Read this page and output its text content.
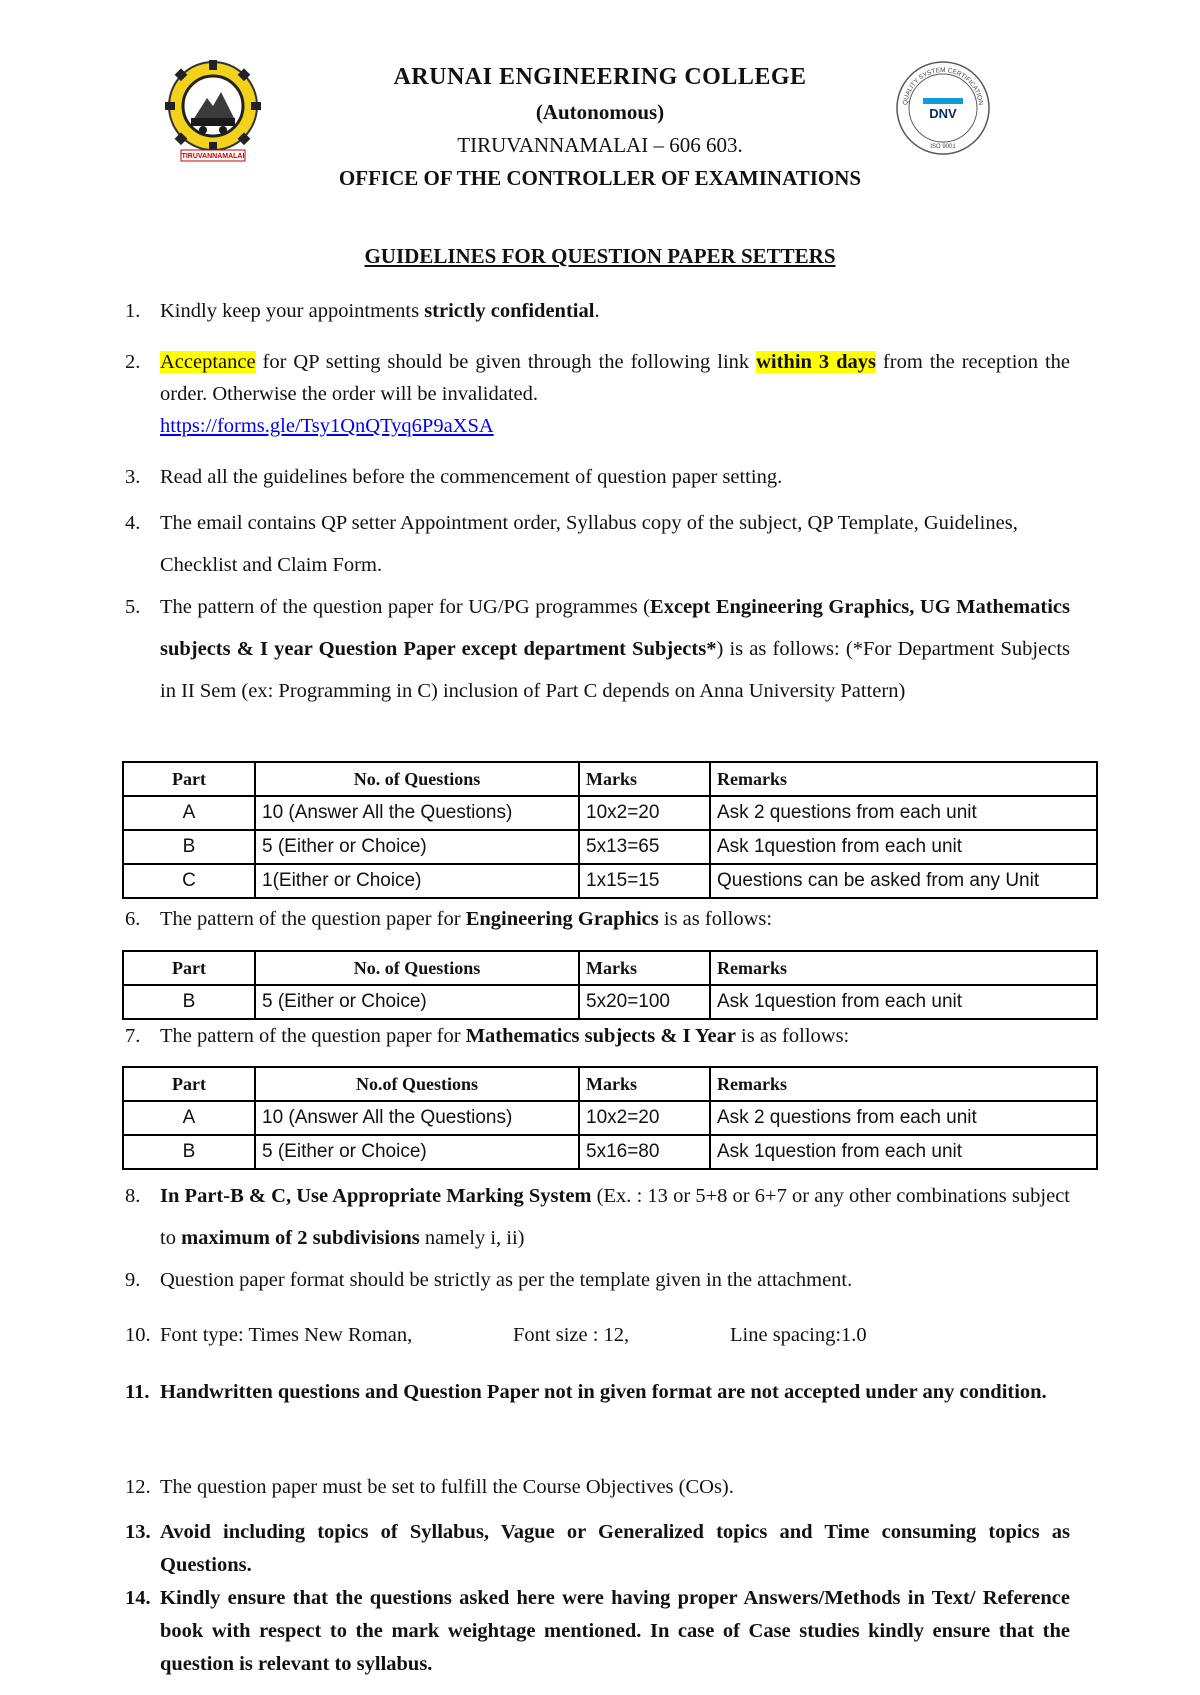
TIRUVANNAMALAI
QUALITY SYSTEM CERTIFICATION
DNV
ISO 9001
ARUNAI ENGINEERING COLLEGE
(Autonomous)
TIRUVANNAMALAI – 606 603.
OFFICE OF THE CONTROLLER OF EXAMINATIONS
GUIDELINES FOR QUESTION PAPER SETTERS
1. Kindly keep your appointments strictly confidential.
2. Acceptance for QP setting should be given through the following link within 3 days from the reception the order. Otherwise the order will be invalidated.
https://forms.gle/Tsy1QnQTyq6P9aXSA
3. Read all the guidelines before the commencement of question paper setting.
4. The email contains QP setter Appointment order, Syllabus copy of the subject, QP Template, Guidelines, Checklist and Claim Form.
5. The pattern of the question paper for UG/PG programmes (Except Engineering Graphics, UG Mathematics subjects & I year Question Paper except department Subjects*) is as follows: (*For Department Subjects in II Sem (ex: Programming in C) inclusion of Part C depends on Anna University Pattern)
Part	No. of Questions	Marks	Remarks
A	10 (Answer All the Questions)	10x2=20	Ask 2 questions from each unit
B	5 (Either or Choice)	5x13=65	Ask 1question from each unit
C	1(Either or Choice)	1x15=15	Questions can be asked from any Unit
6. The pattern of the question paper for Engineering Graphics is as follows:
Part	No. of Questions	Marks	Remarks
B	5 (Either or Choice)	5x20=100	Ask 1question from each unit
7. The pattern of the question paper for Mathematics subjects & I Year is as follows:
Part	No.of Questions	Marks	Remarks
A	10 (Answer All the Questions)	10x2=20	Ask 2 questions from each unit
B	5 (Either or Choice)	5x16=80	Ask 1question from each unit
8. In Part-B & C, Use Appropriate Marking System (Ex. : 13 or 5+8 or 6+7 or any other combinations subject to maximum of 2 subdivisions namely i, ii)
9. Question paper format should be strictly as per the template given in the attachment.
10. Font type: Times New Roman,	Font size : 12,	Line spacing:1.0
11. Handwritten questions and Question Paper not in given format are not accepted under any condition.
12. The question paper must be set to fulfill the Course Objectives (COs).
13. Avoid including topics of Syllabus, Vague or Generalized topics and Time consuming topics as Questions.
14. Kindly ensure that the questions asked here were having proper Answers/Methods in Text/ Reference book with respect to the mark weightage mentioned. In case of Case studies kindly ensure that the question is relevant to syllabus.
